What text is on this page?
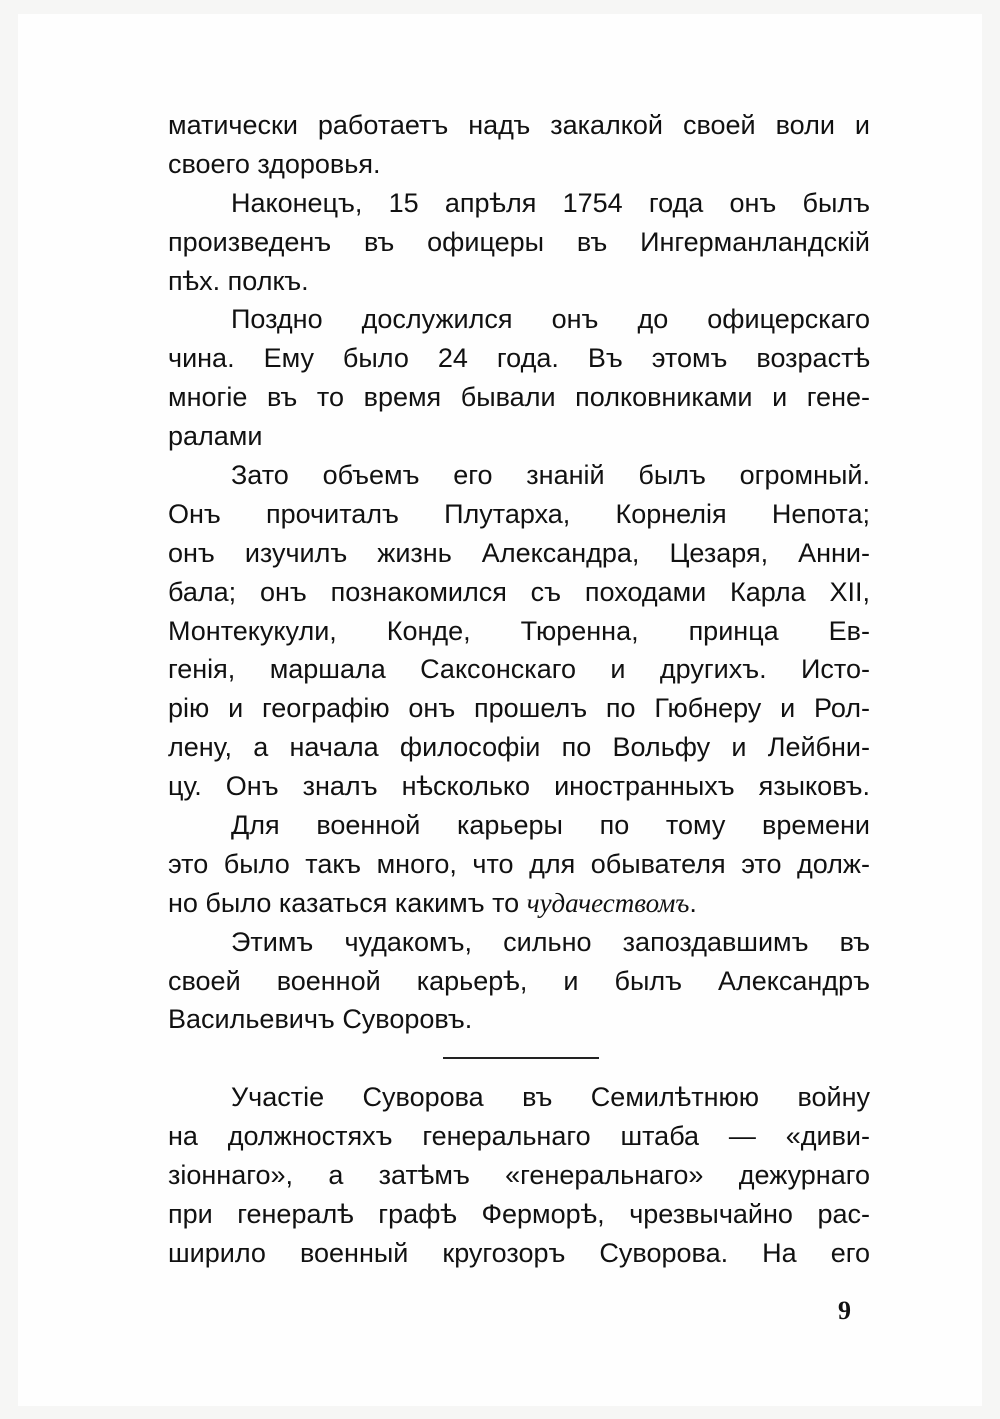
матически работаетъ надъ закалкой своей воли и
своего здоровья.
Наконецъ, 15 апрѣля 1754 года онъ былъ
произведенъ въ офицеры въ Ингерманландскій
пѣх. полкъ.
Поздно дослужился онъ до офицерскаго
чина. Ему было 24 года. Въ этомъ возрастѣ
многіе въ то время бывали полковниками и гене-
ралами
Зато объемъ его знаній былъ огромный.
Онъ прочиталъ Плутарха, Корнелія Непота;
онъ изучилъ жизнь Александра, Цезаря, Анни-
бала; онъ познакомился съ походами Карла XII,
Монтекукули, Конде, Тюренна, принца Ев-
генія, маршала Саксонскаго и другихъ. Исто-
рію и географію онъ прошелъ по Гюбнеру и Рол-
лену, а начала философіи по Вольфу и Лейбни-
цу. Онъ зналъ нѣсколько иностранныхъ языковъ.
Для военной карьеры по тому времени
это было такъ много, что для обывателя это долж-
но было казаться какимъ то чудачествомъ.
Этимъ чудакомъ, сильно запоздавшимъ въ
своей военной карьерѣ, и былъ Александръ
Васильевичъ Суворовъ.
Участіе Суворова въ Семилѣтнюю войну
на должностяхъ генеральнаго штаба — «диви-
зіоннаго», а затѣмъ «генеральнаго» дежурнаго
при генералѣ графѣ Ферморѣ, чрезвычайно рас-
ширило военный кругозоръ Суворова. На его
9
